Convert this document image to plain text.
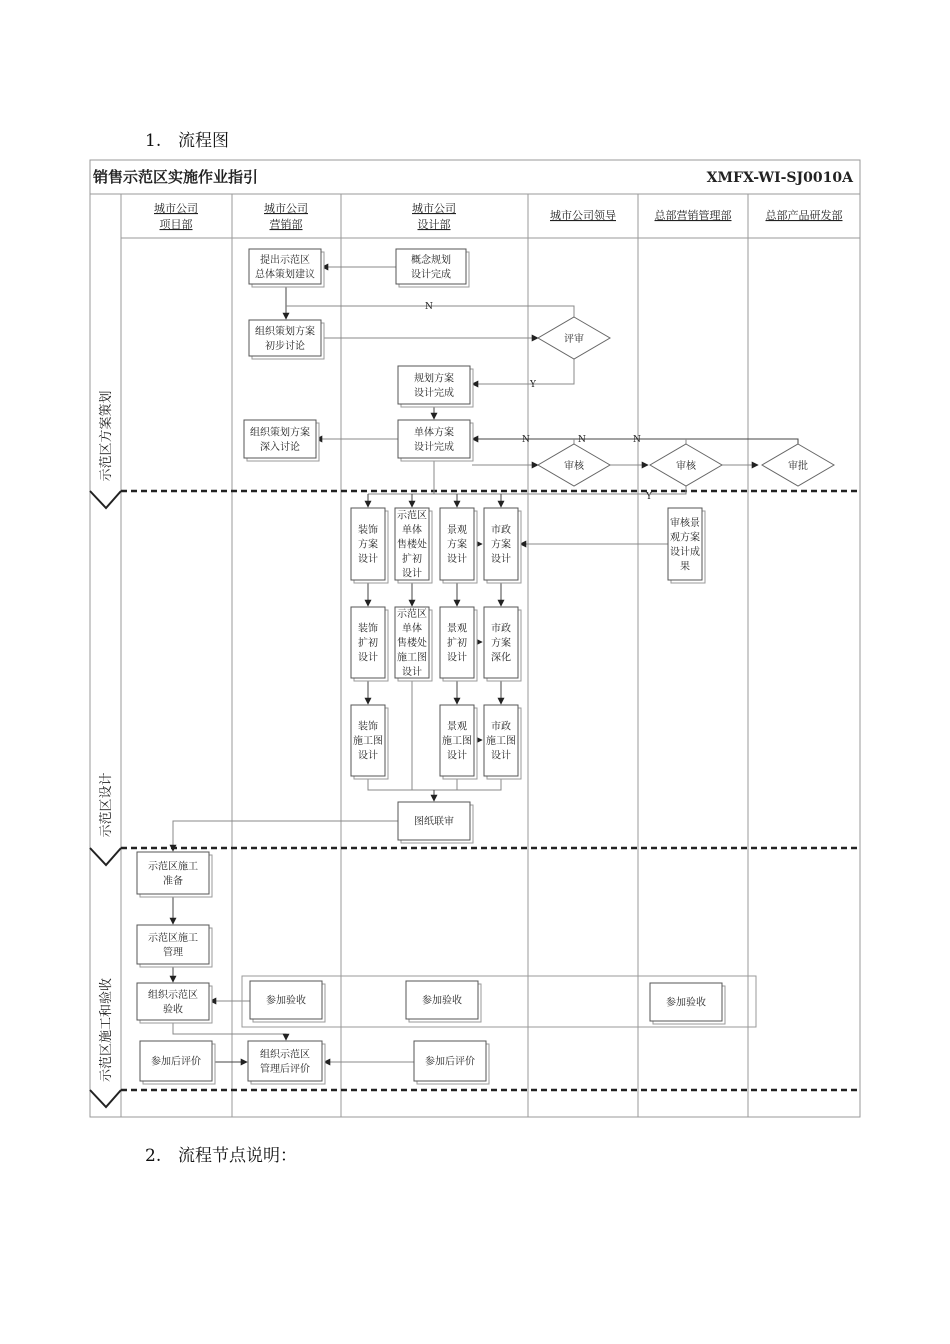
1. 流程图
销售示范区实施作业指引	XMFX-WI-SJ0010A
城市公司
项目部
城市公司
营销部
城市公司
设计部
城市公司领导	总部营销管理部	总部产品研发部
示范区方案策划
示范区设计
示范区施工和验收
N
Y
N	N	N
Y
提出示范区
总体策划建议
概念规划
设计完成
组织策划方案
初步讨论
规划方案
设计完成
组织策划方案
深入讨论
单体方案
设计完成
装饰
方案
设计
示范区
单体
售楼处
扩初
设计
景观
方案
设计
市政
方案
设计
审核景
观方案
设计成
果
装饰
扩初
设计
示范区
单体
售楼处
施工图
设计
景观
扩初
设计
市政
方案
深化
装饰
施工图
设计
景观
施工图
设计
市政
施工图
设计
图纸联审
示范区施工
准备
示范区施工
管理
组织示范区
验收
参加验收	参加验收	参加验收
参加后评价
组织示范区
管理后评价
参加后评价
评审
审核	审核	审批
2. 流程节点说明：
